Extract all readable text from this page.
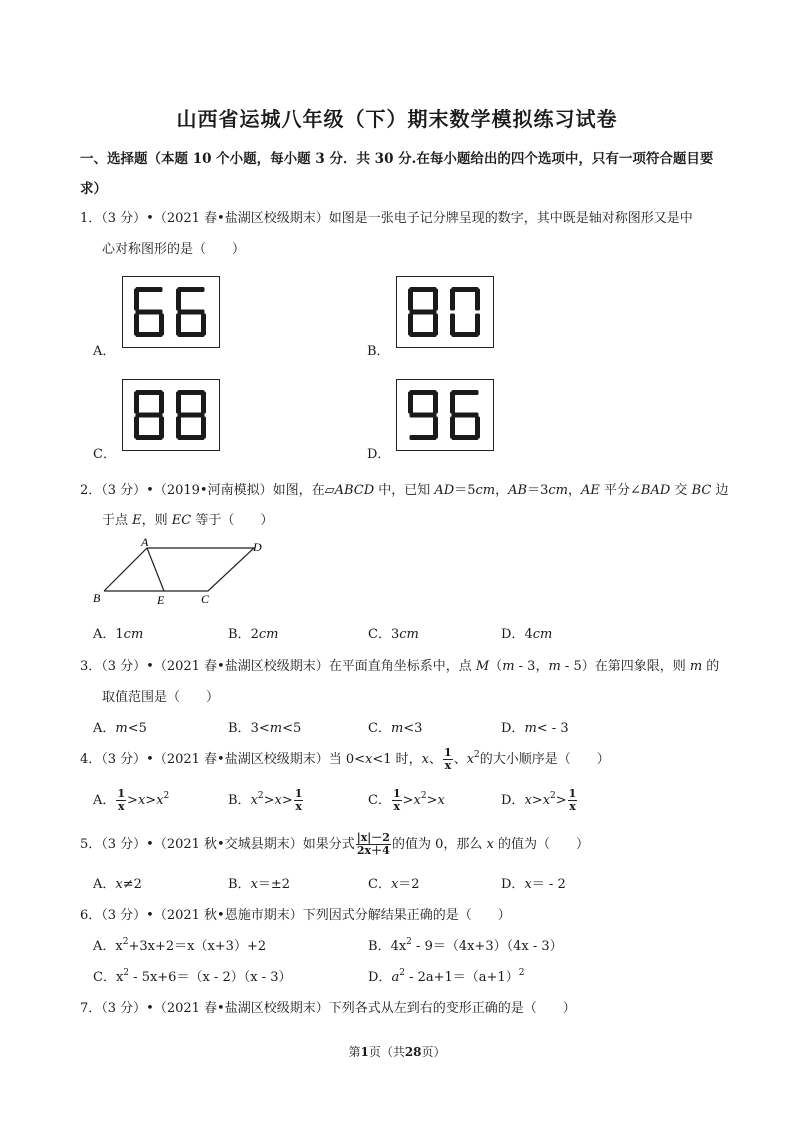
山西省运城八年级（下）期末数学模拟练习试卷
一、选择题（本题 10 个小题，每小题 3 分．共 30 分.在每小题给出的四个选项中，只有一项符合题目要
求）
1．（3 分）•（2021 春•盐湖区校级期末）如图是一张电子记分牌呈现的数字，其中既是轴对称图形又是中
心对称图形的是（　　）
A．	B．
C．	D．
2．（3 分）•（2019•河南模拟）如图，在▱ABCD 中，已知 AD＝5cm，AB＝3cm，AE 平分∠BAD 交 BC 边
于点 E，则 EC 等于（　　）
A	D
B	E	C
A．1cm	B．2cm	C．3cm	D．4cm
3．（3 分）•（2021 春•盐湖区校级期末）在平面直角坐标系中，点 M（m - 3，m - 5）在第四象限，则 m 的
取值范围是（　　）
A．m<5	B．3<m<5	C．m<3	D．m< - 3
4．（3 分）•（2021 春•盐湖区校级期末）当 0<x<1 时，x、 $\frac{1}{x}$ 、$x^2$的大小顺序是（　　）
A． $\frac{1}{x} >x>x^2$	B．$x^2>x> \frac{1}{x}$	C． $\frac{1}{x} >x^2>x$	D．$x>x^2> \frac{1}{x}$
5．（3 分）•（2021 秋•交城县期末）如果分式 $\frac{|x|-2}{2x+4}$ 的值为 0，那么 x 的值为（　　）
A．x≠2	B．x＝±2	C．x＝2	D．x＝ - 2
6．（3 分）•（2021 秋•恩施市期末）下列因式分解结果正确的是（　　）
A．$x^2+3x+2=x(x+3)+2$	B．$4x^2 - 9=(4x+3)(4x - 3)$
C．$x^2 - 5x+6=(x - 2)(x - 3)$	D．$a^2 - 2a+1=(a+1)^2$
7．（3 分）•（2021 春•盐湖区校级期末）下列各式从左到右的变形正确的是（　　）
第1页（共28页）
